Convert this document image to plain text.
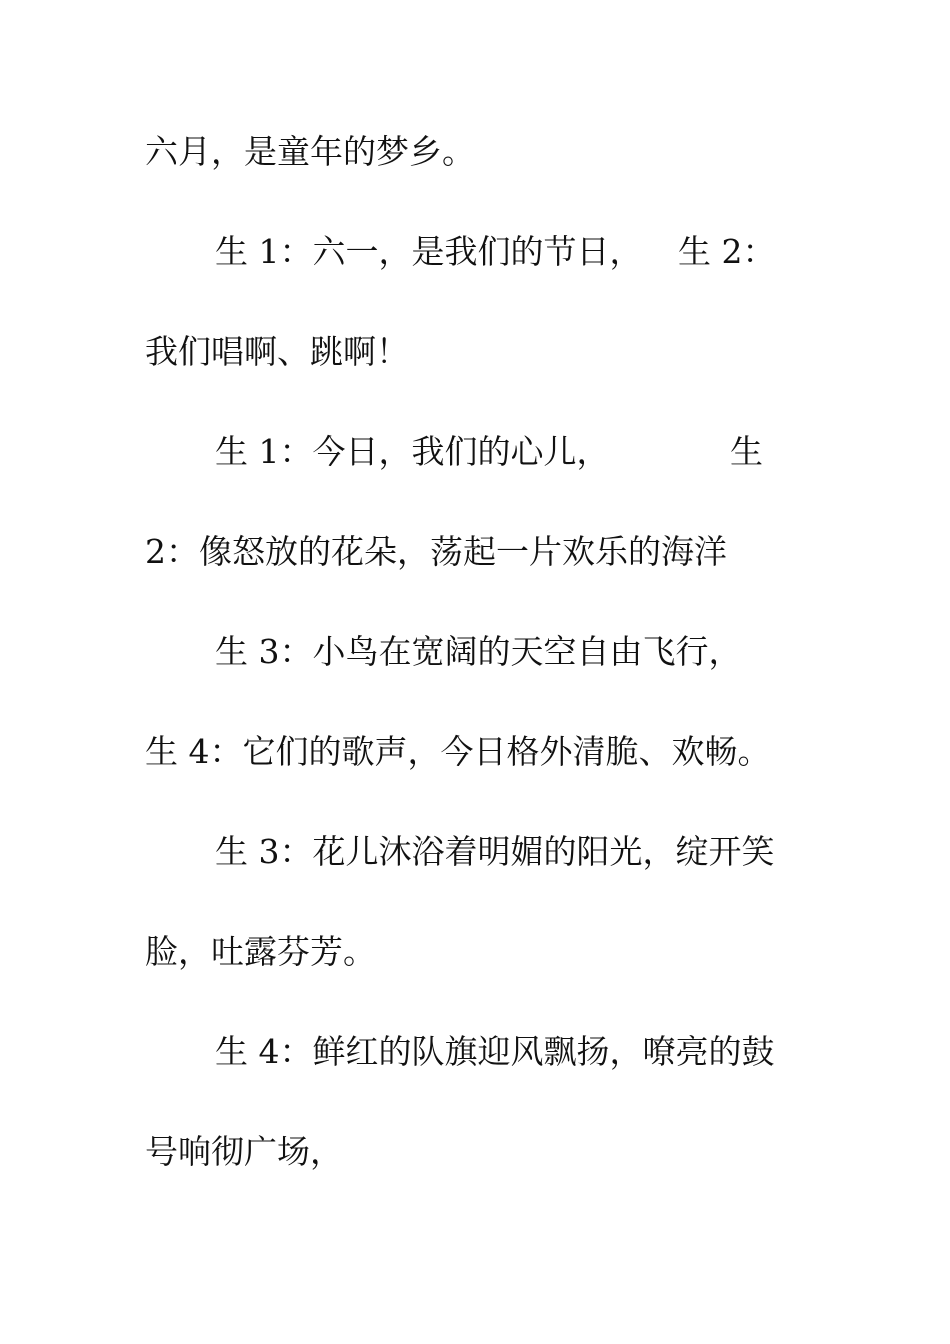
六月，是童年的梦乡。
生 1：六一，是我们的节日， 生 2：
我们唱啊、跳啊！
生 1：今日，我们的心儿，	生
2：像怒放的花朵，荡起一片欢乐的海洋
生 3：小鸟在宽阔的天空自由飞行，
生 4：它们的歌声，今日格外清脆、欢畅。
生 3：花儿沐浴着明媚的阳光，绽开笑
脸，吐露芬芳。
生 4：鲜红的队旗迎风飘扬，嘹亮的鼓
号响彻广场，
